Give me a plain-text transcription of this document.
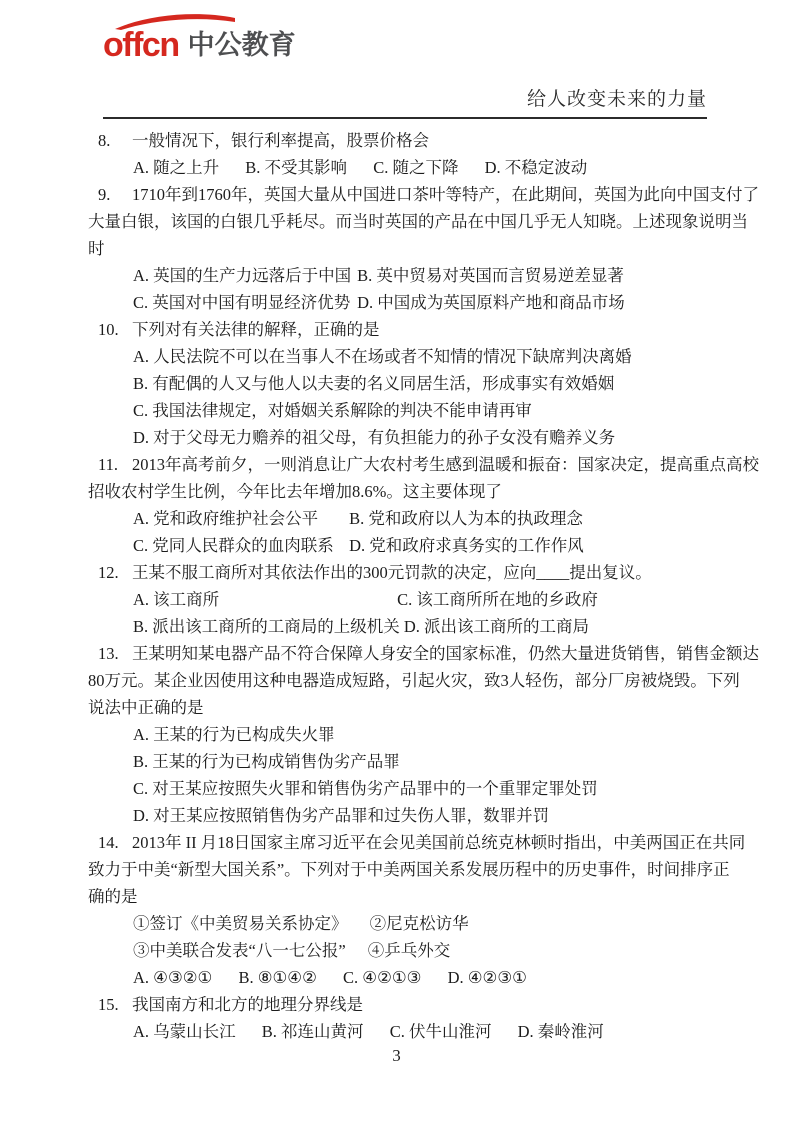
offcn 中公教育
给人改变未来的力量
8. 一般情况下，银行利率提高，股票价格会
A. 随之上升 B. 不受其影响 C. 随之下降 D. 不稳定波动
9. 1710年到1760年，英国大量从中国进口茶叶等特产，在此期间，英国为此向中国支付了
大量白银，该国的白银几乎耗尽。而当时英国的产品在中国几乎无人知晓。上述现象说明当
时
A. 英国的生产力远落后于中国 B. 英中贸易对英国而言贸易逆差显著
C. 英国对中国有明显经济优势 D. 中国成为英国原料产地和商品市场
10. 下列对有关法律的解释，正确的是
A. 人民法院不可以在当事人不在场或者不知情的情况下缺席判决离婚
B. 有配偶的人又与他人以夫妻的名义同居生活，形成事实有效婚姻
C. 我国法律规定，对婚姻关系解除的判决不能申请再审
D. 对于父母无力赡养的祖父母，有负担能力的孙子女没有赡养义务
11. 2013年高考前夕，一则消息让广大农村考生感到温暖和振奋：国家决定，提高重点高校
招收农村学生比例，今年比去年增加8.6%。这主要体现了
A. 党和政府维护社会公平 B. 党和政府以人为本的执政理念
C. 党同人民群众的血肉联系 D. 党和政府求真务实的工作作风
12. 王某不服工商所对其依法作出的300元罚款的决定，应向____提出复议。
A. 该工商所	C. 该工商所所在地的乡政府
B. 派出该工商所的工商局的上级机关 D. 派出该工商所的工商局
13. 王某明知某电器产品不符合保障人身安全的国家标准，仍然大量进货销售，销售金额达
80万元。某企业因使用这种电器造成短路，引起火灾，致3人轻伤，部分厂房被烧毁。下列
说法中正确的是
A. 王某的行为已构成失火罪
B. 王某的行为已构成销售伪劣产品罪
C. 对王某应按照失火罪和销售伪劣产品罪中的一个重罪定罪处罚
D. 对王某应按照销售伪劣产品罪和过失伤人罪，数罪并罚
14. 2013年 II 月18日国家主席习近平在会见美国前总统克林顿时指出，中美两国正在共同
致力于中美“新型大国关系”。下列对于中美两国关系发展历程中的历史事件，时间排序正
确的是
①签订《中美贸易关系协定》 ②尼克松访华
③中美联合发表“八一七公报” ④乒乓外交
A. ④③②① B. ⑧①④② C. ④②①③ D. ④②③①
15. 我国南方和北方的地理分界线是
A. 乌蒙山长江 B. 祁连山黄河 C. 伏牛山淮河 D. 秦岭淮河
3
